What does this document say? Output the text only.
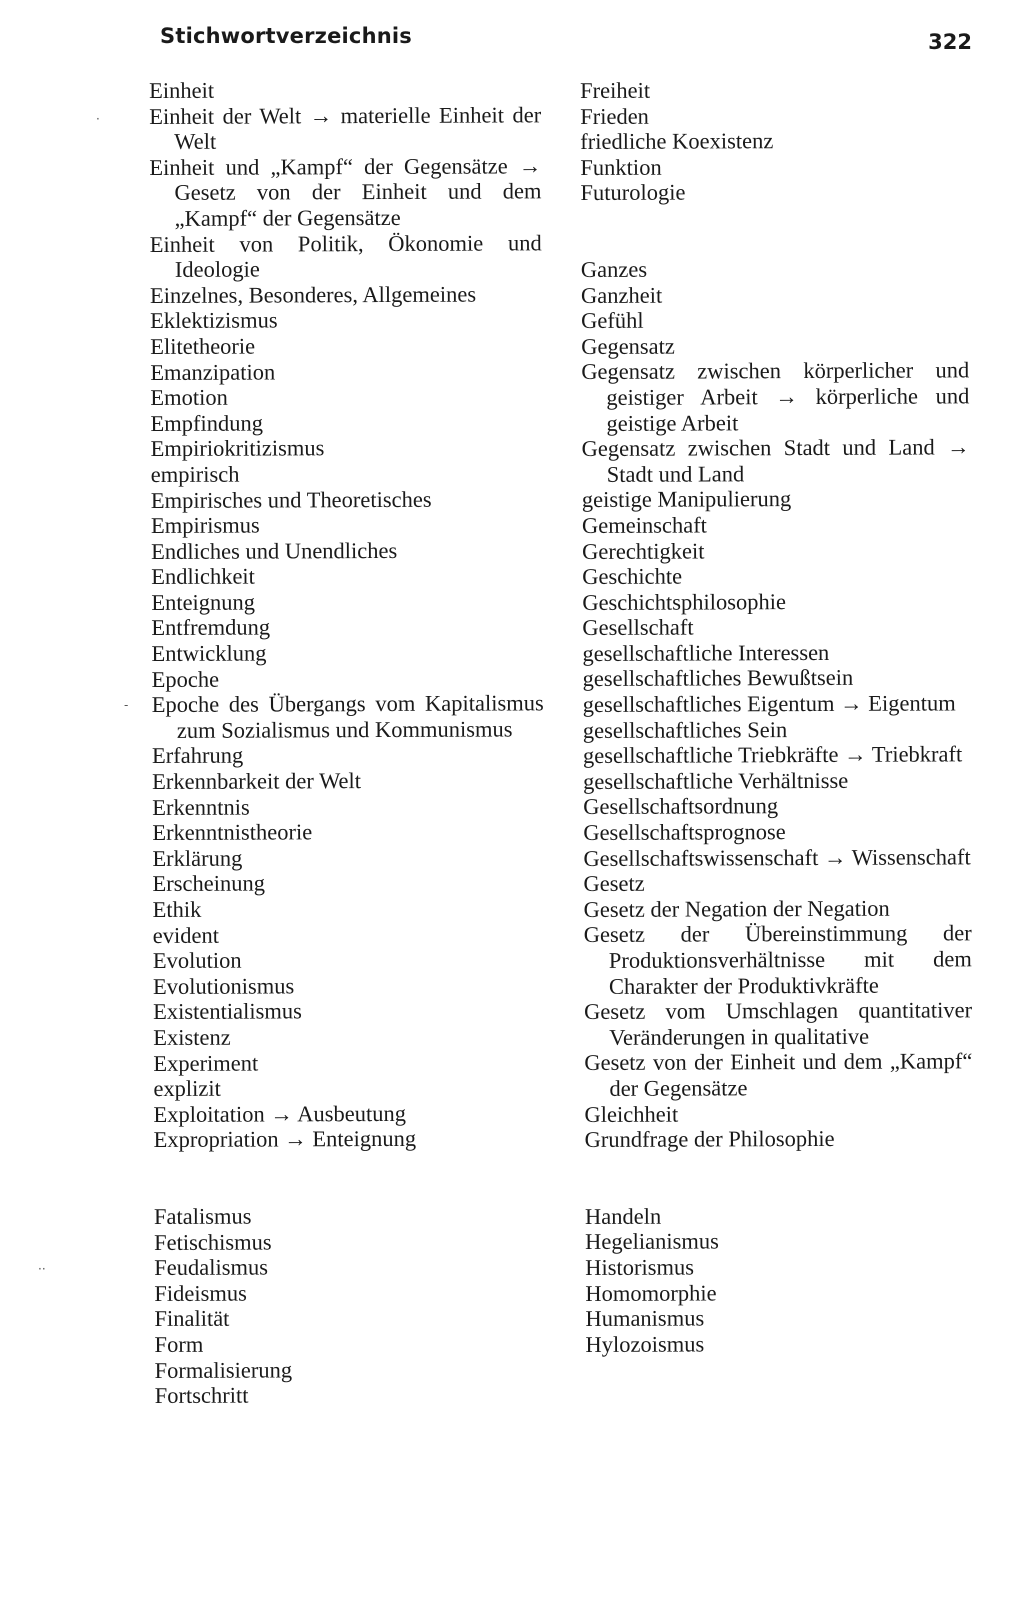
Stichwortverzeichnis	322

Einheit

Einheit der Welt → materielle Einheit der Welt

Einheit und „Kampf“ der Gegensätze → Gesetz von der Einheit und dem „Kampf“ der Gegensätze

Einheit von Politik, Ökonomie und Ideologie

Einzelnes, Besonderes, Allgemeines

Eklektizismus

Elitetheorie

Emanzipation

Emotion

Empfindung

Empiriokritizismus

empirisch

Empirisches und Theoretisches

Empirismus

Endliches und Unendliches

Endlichkeit

Enteignung

Entfremdung

Entwicklung

Epoche

Epoche des Übergangs vom Kapitalismus zum Sozialismus und Kommunismus

Erfahrung

Erkennbarkeit der Welt

Erkenntnis

Erkenntnistheorie

Erklärung

Erscheinung

Ethik

evident

Evolution

Evolutionismus

Existentialismus

Existenz

Experiment

explizit

Exploitation → Ausbeutung

Expropriation → Enteignung

Fatalismus

Fetischismus

Feudalismus

Fideismus

Finalität

Form

Formalisierung

Fortschritt

Freiheit

Frieden

friedliche Koexistenz

Funktion

Futurologie

Ganzes

Ganzheit

Gefühl

Gegensatz

Gegensatz zwischen körperlicher und geistiger Arbeit → körperliche und geistige Arbeit

Gegensatz zwischen Stadt und Land → Stadt und Land

geistige Manipulierung

Gemeinschaft

Gerechtigkeit

Geschichte

Geschichtsphilosophie

Gesellschaft

gesellschaftliche Interessen

gesellschaftliches Bewußtsein

gesellschaftliches Eigentum → Eigentum

gesellschaftliches Sein

gesellschaftliche Triebkräfte → Triebkraft

gesellschaftliche Verhältnisse

Gesellschaftsordnung

Gesellschaftsprognose

Gesellschaftswissenschaft → Wissenschaft

Gesetz

Gesetz der Negation der Negation

Gesetz der Übereinstimmung der Produktionsverhältnisse mit dem Charakter der Produktivkräfte

Gesetz vom Umschlagen quantitativer Veränderungen in qualitative

Gesetz von der Einheit und dem „Kampf“ der Gegensätze

Gleichheit

Grundfrage der Philosophie

Handeln

Hegelianismus

Historismus

Homomorphie

Humanismus

Hylozoismus

·
-
··
